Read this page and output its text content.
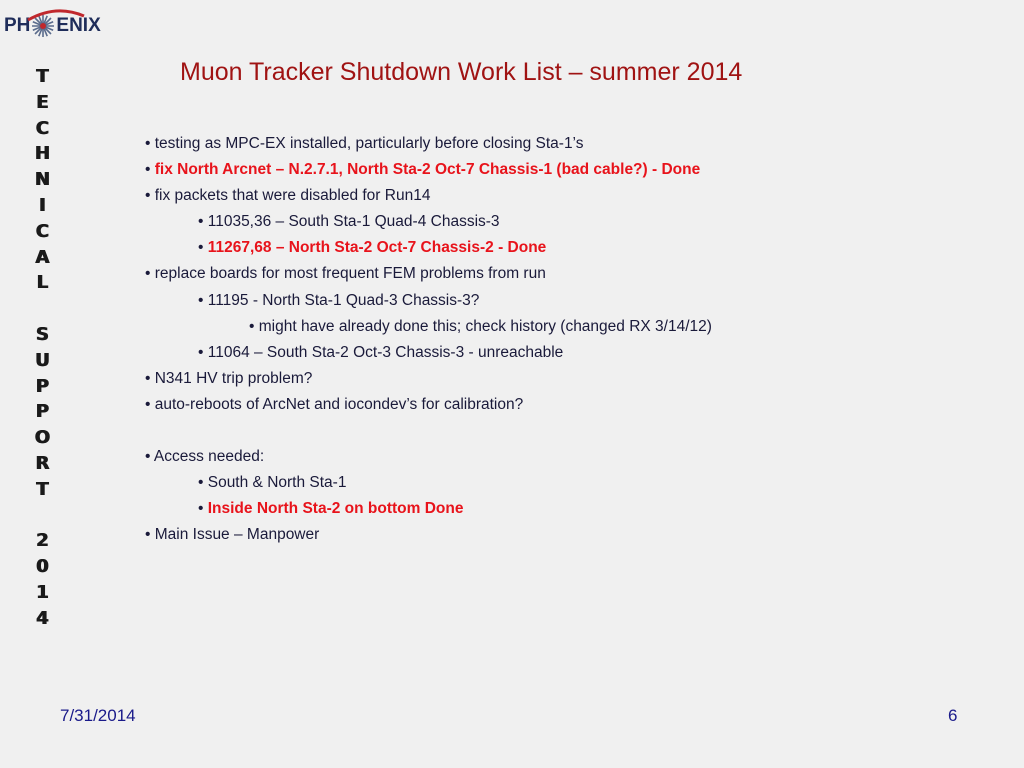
PH ENIX
T
E
C
H
N
I
C
A
L
S
U
P
P
O
R
T
2
0
1
4
Muon Tracker Shutdown Work List – summer 2014
• testing as MPC-EX installed, particularly before closing Sta-1’s
• fix North Arcnet – N.2.7.1, North Sta-2 Oct-7 Chassis-1 (bad cable?) - Done
• fix packets that were disabled for Run14
• 11035,36 – South Sta-1 Quad-4 Chassis-3
• 11267,68 – North Sta-2 Oct-7 Chassis-2 - Done
• replace boards for most frequent FEM problems from run
• 11195 - North Sta-1 Quad-3 Chassis-3?
• might have already done this; check history (changed RX 3/14/12)
• 11064 – South Sta-2 Oct-3 Chassis-3 - unreachable
• N341 HV trip problem?
• auto-reboots of ArcNet and iocondev’s for calibration?
• Access needed:
• South & North Sta-1
• Inside North Sta-2 on bottom Done
• Main Issue – Manpower
7/31/2014	6
